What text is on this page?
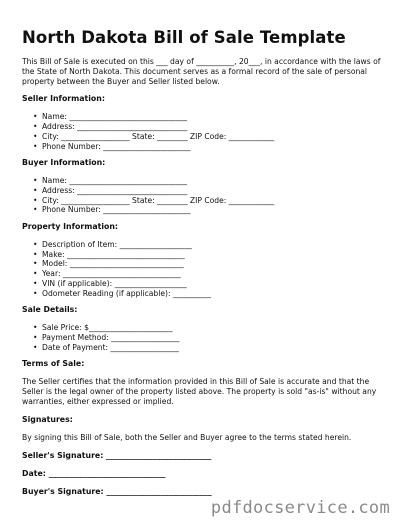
North Dakota Bill of Sale Template

This Bill of Sale is executed on this ___ day of __________, 20___, in accordance with the laws of the State of North Dakota. This document serves as a formal record of the sale of personal property between the Buyer and Seller listed below.

Seller Information:

• Name: _______________________________
• Address: _____________________________
• City: __________________ State: ________ ZIP Code: ____________
• Phone Number: _______________________

Buyer Information:

• Name: _______________________________
• Address: _____________________________
• City: __________________ State: ________ ZIP Code: ____________
• Phone Number: _______________________

Property Information:

• Description of Item: ___________________
• Make: _______________________________
• Model: ______________________________
• Year: _______________________________
• VIN (if applicable): ___________________
• Odometer Reading (if applicable): __________

Sale Details:

• Sale Price: $______________________
• Payment Method: __________________
• Date of Payment: __________________

Terms of Sale:

The Seller certifies that the information provided in this Bill of Sale is accurate and that the Seller is the legal owner of the property listed above. The property is sold "as-is" without any warranties, either expressed or implied.

Signatures:

By signing this Bill of Sale, both the Seller and Buyer agree to the terms stated herein.

Seller's Signature: ___________________________

Date: ______________________________

Buyer's Signature: ___________________________

pdfdocservice.com
